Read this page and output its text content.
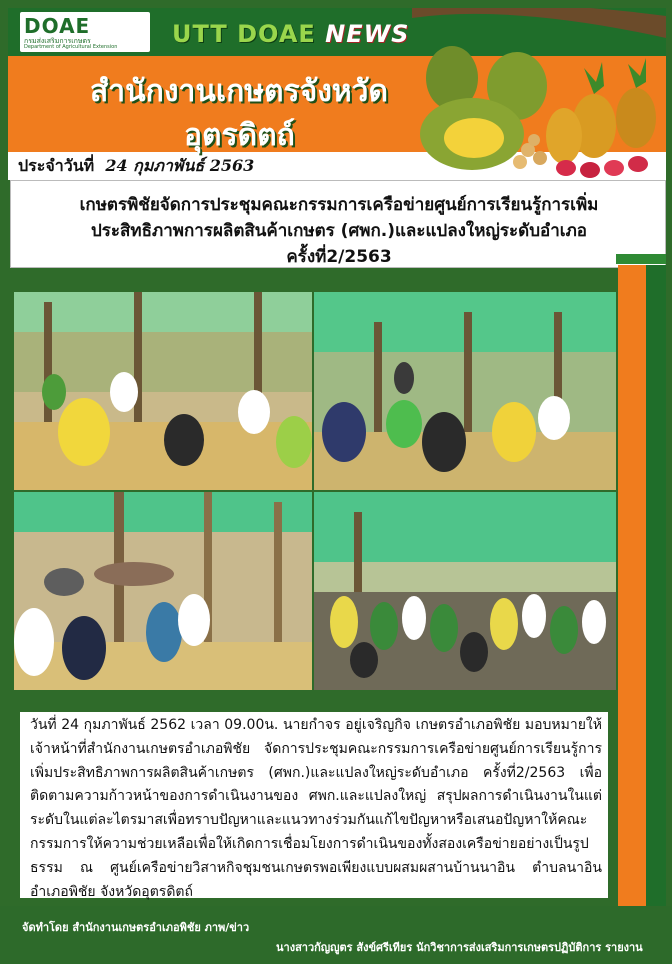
DOAE
กรมส่งเสริมการเกษตร
Department of Agricultural Extension UTT DOAE NEWS
สำนักงานเกษตรจังหวัด
อุตรดิตถ์
ประจำวันที่ 24 กุมภาพันธ์ 2563
เกษตรพิชัยจัดการประชุมคณะกรรมการเครือข่ายศูนย์การเรียนรู้การเพิ่ม
ประสิทธิภาพการผลิตสินค้าเกษตร (ศพก.)และแปลงใหญ่ระดับอำเภอ
ครั้งที่2/2563
วันที่ 24 กุมภาพันธ์ 2562 เวลา 09.00น. นายกำจร อยู่เจริญกิจ เกษตรอำเภอพิชัย มอบหมายให้เจ้าหน้าที่สำนักงานเกษตรอำเภอพิชัย จัดการประชุมคณะกรรมการเครือข่ายศูนย์การเรียนรู้การเพิ่มประสิทธิภาพการผลิตสินค้าเกษตร (ศพก.)และแปลงใหญ่ระดับอำเภอ ครั้งที่2/2563 เพื่อติดตามความก้าวหน้าของการดำเนินงานของ ศพก.และแปลงใหญ่ สรุปผลการดำเนินงานในแต่ระดับในแต่ละไตรมาสเพื่อทราบปัญหาและแนวทางร่วมกันแก้ไขปัญหาหรือเสนอปัญหาให้คณะกรรมการให้ความช่วยเหลือเพื่อให้เกิดการเชื่อมโยงการดำเนินของทั้งสองเครือข่ายอย่างเป็นรูปธรรม ณ ศูนย์เครือข่ายวิสาหกิจชุมชนเกษตรพอเพียงแบบผสมผสานบ้านนาอิน ตำบลนาอิน อำเภอพิชัย จังหวัดอุตรดิตถ์
จัดทำโดย สำนักงานเกษตรอำเภอพิชัย ภาพ/ข่าว
นางสาวกัญญูตร สังข์ศรีเทียร นักวิชาการส่งเสริมการเกษตรปฏิบัติการ รายงาน
